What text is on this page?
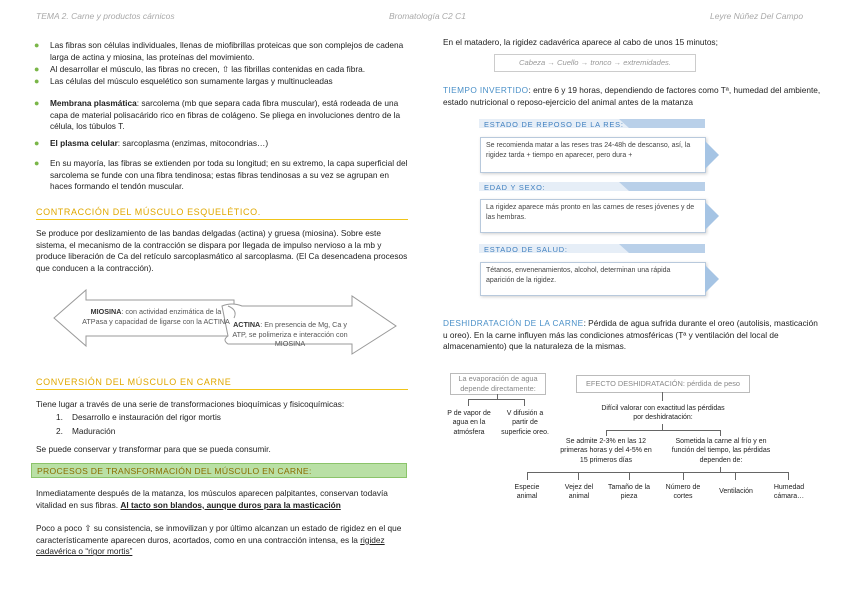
TEMA 2. Carne y productos cárnicos	Bromatología C2 C1	Leyre Núñez Del Campo
●	Las fibras son células individuales, llenas de miofibrillas proteicas que son complejos de cadena larga de actina y miosina, las proteínas del movimiento.
●	Al desarrollar el músculo, las fibras no crecen, ⇧ las fibrillas contenidas en cada fibra.
●	Las células del músculo esquelético son sumamente largas y multinucleadas
●	Membrana plasmática: sarcolema (mb que separa cada fibra muscular), está rodeada de una capa de material polisacárido rico en fibras de colágeno. Se pliega en involuciones dentro de la célula, los túbulos T.
●	El plasma celular: sarcoplasma (enzimas, mitocondrias…)
●	En su mayoría, las fibras se extienden por toda su longitud; en su extremo, la capa superficial del sarcolema se funde con una fibra tendinosa; estas fibras tendinosas a su vez se agrupan en haces formando el tendón muscular.
CONTRACCIÓN DEL MÚSCULO ESQUELÉTICO.
Se produce por deslizamiento de las bandas delgadas (actina) y gruesa (miosina). Sobre este sistema, el mecanismo de la contracción se dispara por llegada de impulso nervioso a la mb y produce liberación de Ca del retículo sarcoplasmático al sarcoplasma. (El Ca desencadena procesos que conducen a la contracción).
MIOSINA: con actividad enzimática de la ATPasa y capacidad de ligarse con la ACTINA ACTINA: En presencia de Mg, Ca y ATP, se polimeriza e interacción con MIOSINA
CONVERSIÓN DEL MÚSCULO EN CARNE
Tiene lugar a través de una serie de transformaciones bioquímicas y fisicoquímicas:
1. Desarrollo e instauración del rigor mortis
2. Maduración
Se puede conservar y transformar para que se pueda consumir.
PROCESOS DE TRANSFORMACIÓN DEL MÚSCULO EN CARNE:
Inmediatamente después de la matanza, los músculos aparecen palpitantes, conservan todavía vitalidad en sus fibras. Al tacto son blandos, aunque duros para la masticación
Poco a poco ⇧ su consistencia, se inmovilizan y por último alcanzan un estado de rigidez en el que característicamente aparecen duros, acortados, como en una contracción intensa, es la rigidez cadavérica o “rigor mortis”
En el matadero, la rigidez cadavérica aparece al cabo de unos 15 minutos;
Cabeza → Cuello → tronco → extremidades.
TIEMPO INVERTIDO: entre 6 y 19 horas, dependiendo de factores como Tª, humedad del ambiente, estado nutricional o reposo-ejercicio del animal antes de la matanza
ESTADO DE REPOSO DE LA RES:
Se recomienda matar a las reses tras 24-48h de descanso, así, la rigidez tarda + tiempo en aparecer, pero dura +
EDAD Y SEXO:
La rigidez aparece más pronto en las carnes de reses jóvenes y de las hembras.
ESTADO DE SALUD:
Tétanos, envenenamientos, alcohol, determinan una rápida aparición de la rigidez.
DESHIDRATACIÓN DE LA CARNE: Pérdida de agua sufrida durante el oreo (autolisis, masticación u oreo). En la carne influyen más las condiciones atmosféricas (Tª y ventilación del local de almacenamiento) que la naturaleza de la mismas.
La evaporación de agua depende directamente:
P de vapor de agua en la atmósfera
V difusión a partir de superficie oreo.
EFECTO DESHIDRATACIÓN: pérdida de peso
Difícil valorar con exactitud las pérdidas por deshidratación:
Se admite 2-3% en las 12 primeras horas y del 4-5% en 15 primeros días
Sometida la carne al frío y en función del tiempo, las pérdidas dependen de:
Especie animal
Vejez del animal
Tamaño de la pieza
Número de cortes
Ventilación
Humedad cámara…
